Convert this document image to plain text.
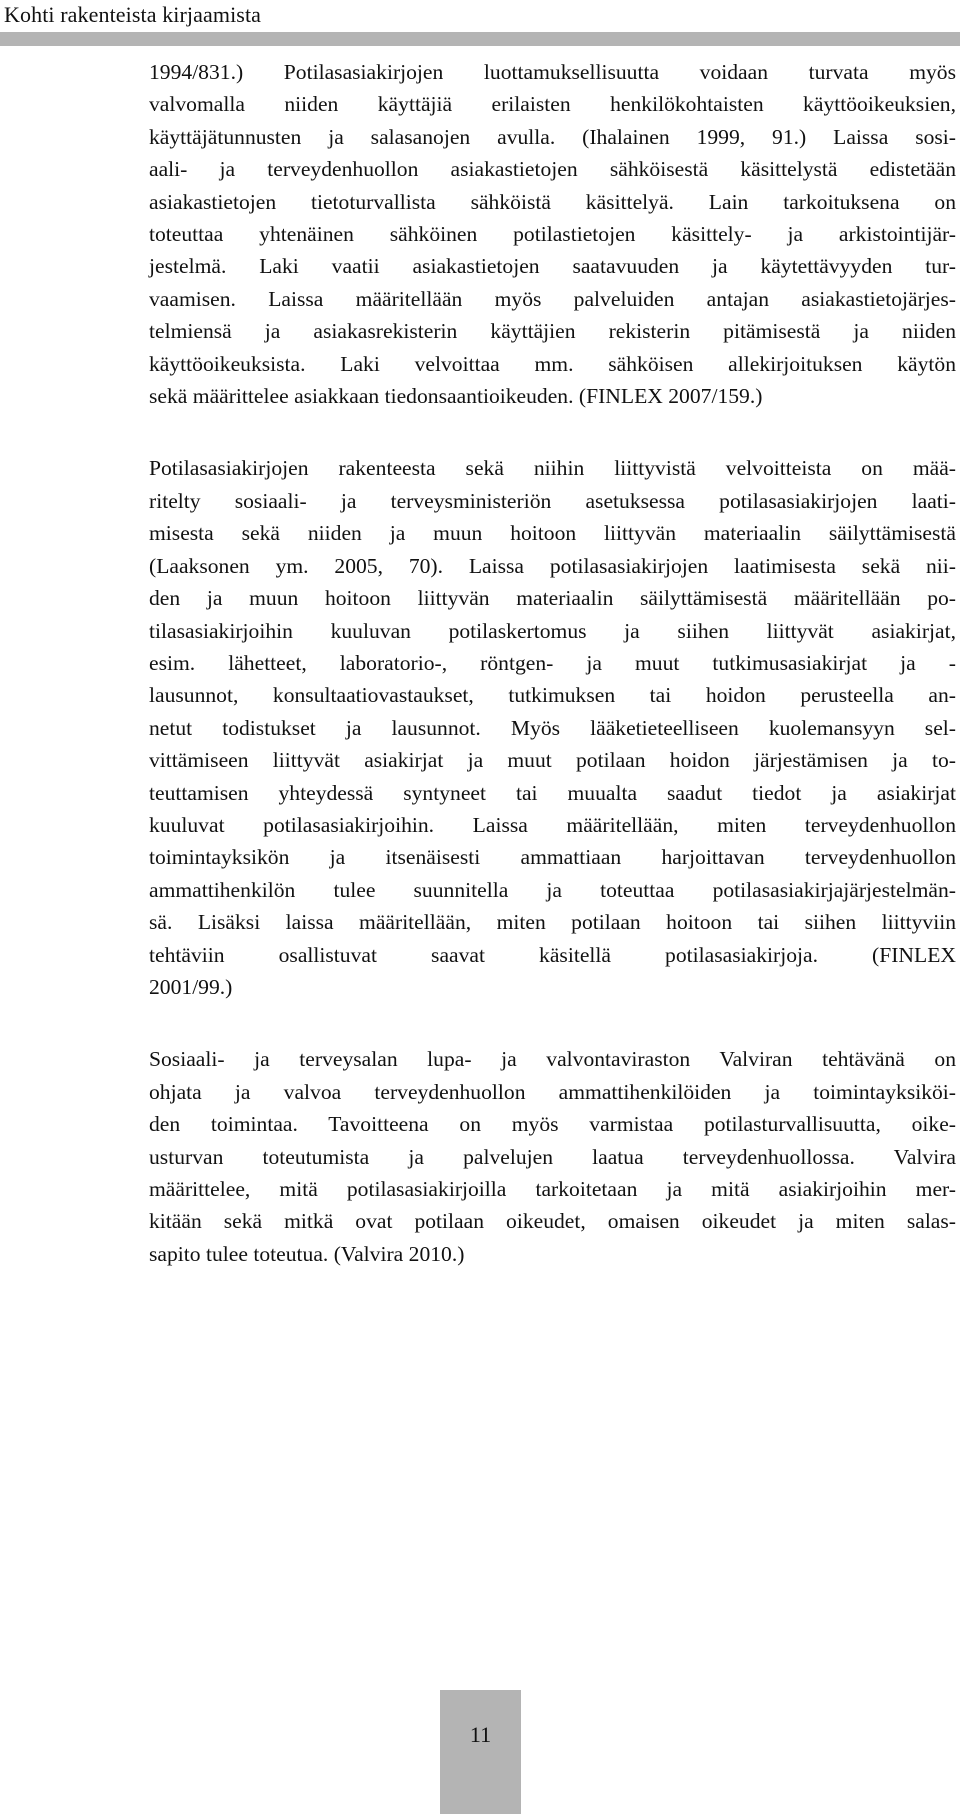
Kohti rakenteista kirjaamista

1994/831.) Potilasasiakirjojen luottamuksellisuutta voidaan turvata myös
valvomalla niiden käyttäjiä erilaisten henkilökohtaisten käyttöoikeuksien,
käyttäjätunnusten ja salasanojen avulla. (Ihalainen 1999, 91.) Laissa sosi-
aali- ja terveydenhuollon asiakastietojen sähköisestä käsittelystä edistetään
asiakastietojen tietoturvallista sähköistä käsittelyä. Lain tarkoituksena on
toteuttaa yhtenäinen sähköinen potilastietojen käsittely- ja arkistointijär-
jestelmä. Laki vaatii asiakastietojen saatavuuden ja käytettävyyden tur-
vaamisen. Laissa määritellään myös palveluiden antajan asiakastietojärjes-
telmiensä ja asiakasrekisterin käyttäjien rekisterin pitämisestä ja niiden
käyttöoikeuksista. Laki velvoittaa mm. sähköisen allekirjoituksen käytön
sekä määrittelee asiakkaan tiedonsaantioikeuden. (FINLEX 2007/159.)

Potilasasiakirjojen rakenteesta sekä niihin liittyvistä velvoitteista on mää-
ritelty sosiaali- ja terveysministeriön asetuksessa potilasasiakirjojen laati-
misesta sekä niiden ja muun hoitoon liittyvän materiaalin säilyttämisestä
(Laaksonen ym. 2005, 70). Laissa potilasasiakirjojen laatimisesta sekä nii-
den ja muun hoitoon liittyvän materiaalin säilyttämisestä määritellään po-
tilasasiakirjoihin kuuluvan potilaskertomus ja siihen liittyvät asiakirjat,
esim. lähetteet, laboratorio-, röntgen- ja muut tutkimusasiakirjat ja -
lausunnot, konsultaatiovastaukset, tutkimuksen tai hoidon perusteella an-
netut todistukset ja lausunnot. Myös lääketieteelliseen kuolemansyyn sel-
vittämiseen liittyvät asiakirjat ja muut potilaan hoidon järjestämisen ja to-
teuttamisen yhteydessä syntyneet tai muualta saadut tiedot ja asiakirjat
kuuluvat potilasasiakirjoihin. Laissa määritellään, miten terveydenhuollon
toimintayksikön ja itsenäisesti ammattiaan harjoittavan terveydenhuollon
ammattihenkilön tulee suunnitella ja toteuttaa potilasasiakirjajärjestelmän-
sä. Lisäksi laissa määritellään, miten potilaan hoitoon tai siihen liittyviin
tehtäviin osallistuvat saavat käsitellä potilasasiakirjoja. (FINLEX
2001/99.)

Sosiaali- ja terveysalan lupa- ja valvontaviraston Valviran tehtävänä on
ohjata ja valvoa terveydenhuollon ammattihenkilöiden ja toimintayksiköi-
den toimintaa. Tavoitteena on myös varmistaa potilasturvallisuutta, oike-
usturvan toteutumista ja palvelujen laatua terveydenhuollossa. Valvira
määrittelee, mitä potilasasiakirjoilla tarkoitetaan ja mitä asiakirjoihin mer-
kitään sekä mitkä ovat potilaan oikeudet, omaisen oikeudet ja miten salas-
sapito tulee toteutua. (Valvira 2010.)

11
